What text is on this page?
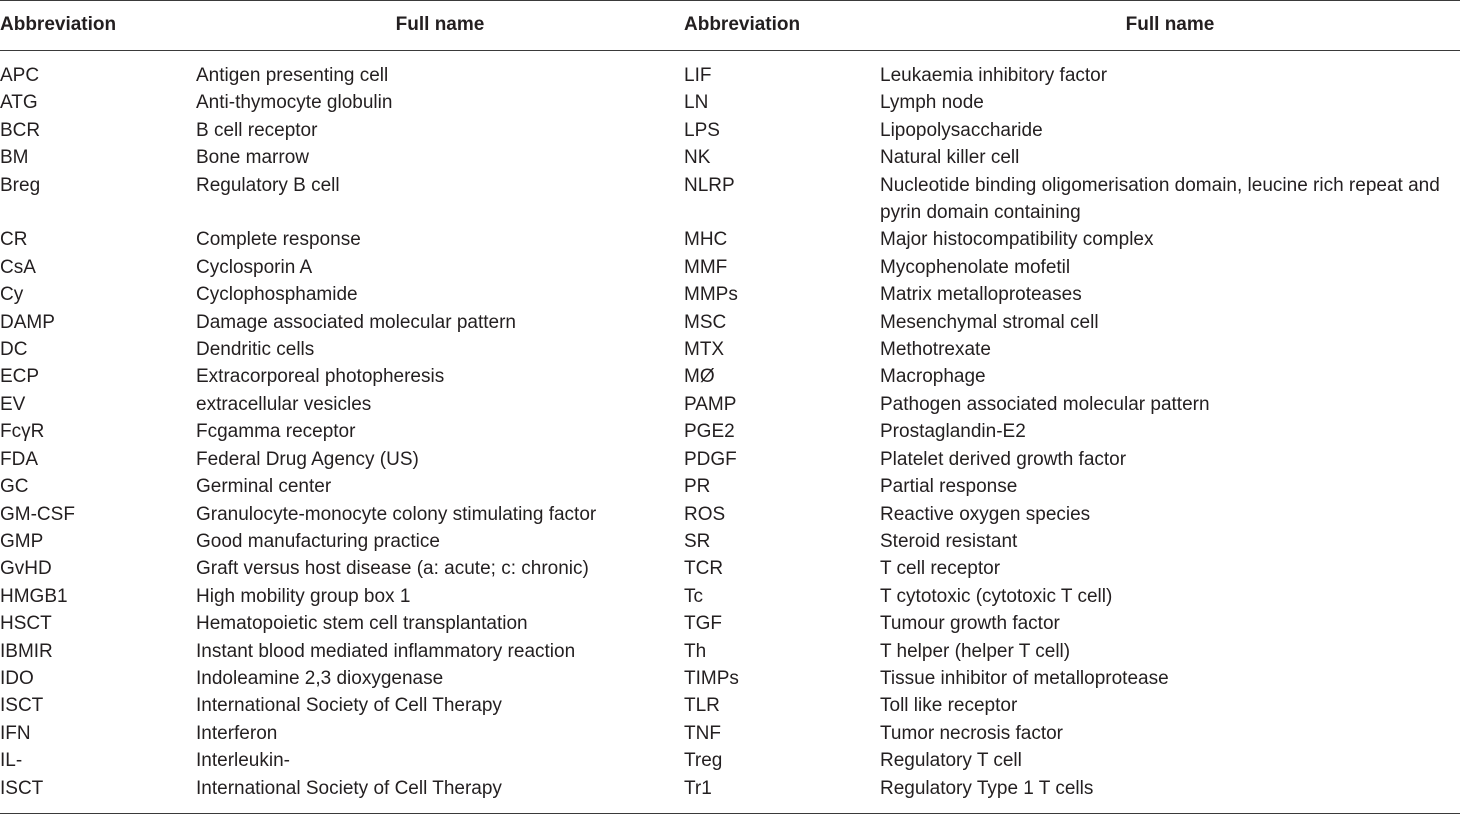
Abbreviation	Full name	Abbreviation	Full name
APC	Antigen presenting cell	LIF	Leukaemia inhibitory factor
ATG	Anti-thymocyte globulin	LN	Lymph node
BCR	B cell receptor	LPS	Lipopolysaccharide
BM	Bone marrow	NK	Natural killer cell
Breg	Regulatory B cell	NLRP	Nucleotide binding oligomerisation domain, leucine rich repeat and pyrin domain containing
CR	Complete response	MHC	Major histocompatibility complex
CsA	Cyclosporin A	MMF	Mycophenolate mofetil
Cy	Cyclophosphamide	MMPs	Matrix metalloproteases
DAMP	Damage associated molecular pattern	MSC	Mesenchymal stromal cell
DC	Dendritic cells	MTX	Methotrexate
ECP	Extracorporeal photopheresis	MØ	Macrophage
EV	extracellular vesicles	PAMP	Pathogen associated molecular pattern
FcγR	Fcgamma receptor	PGE2	Prostaglandin-E2
FDA	Federal Drug Agency (US)	PDGF	Platelet derived growth factor
GC	Germinal center	PR	Partial response
GM-CSF	Granulocyte-monocyte colony stimulating factor	ROS	Reactive oxygen species
GMP	Good manufacturing practice	SR	Steroid resistant
GvHD	Graft versus host disease (a: acute; c: chronic)	TCR	T cell receptor
HMGB1	High mobility group box 1	Tc	T cytotoxic (cytotoxic T cell)
HSCT	Hematopoietic stem cell transplantation	TGF	Tumour growth factor
IBMIR	Instant blood mediated inflammatory reaction	Th	T helper (helper T cell)
IDO	Indoleamine 2,3 dioxygenase	TIMPs	Tissue inhibitor of metalloprotease
ISCT	International Society of Cell Therapy	TLR	Toll like receptor
IFN	Interferon	TNF	Tumor necrosis factor
IL-	Interleukin-	Treg	Regulatory T cell
ISCT	International Society of Cell Therapy	Tr1	Regulatory Type 1 T cells
